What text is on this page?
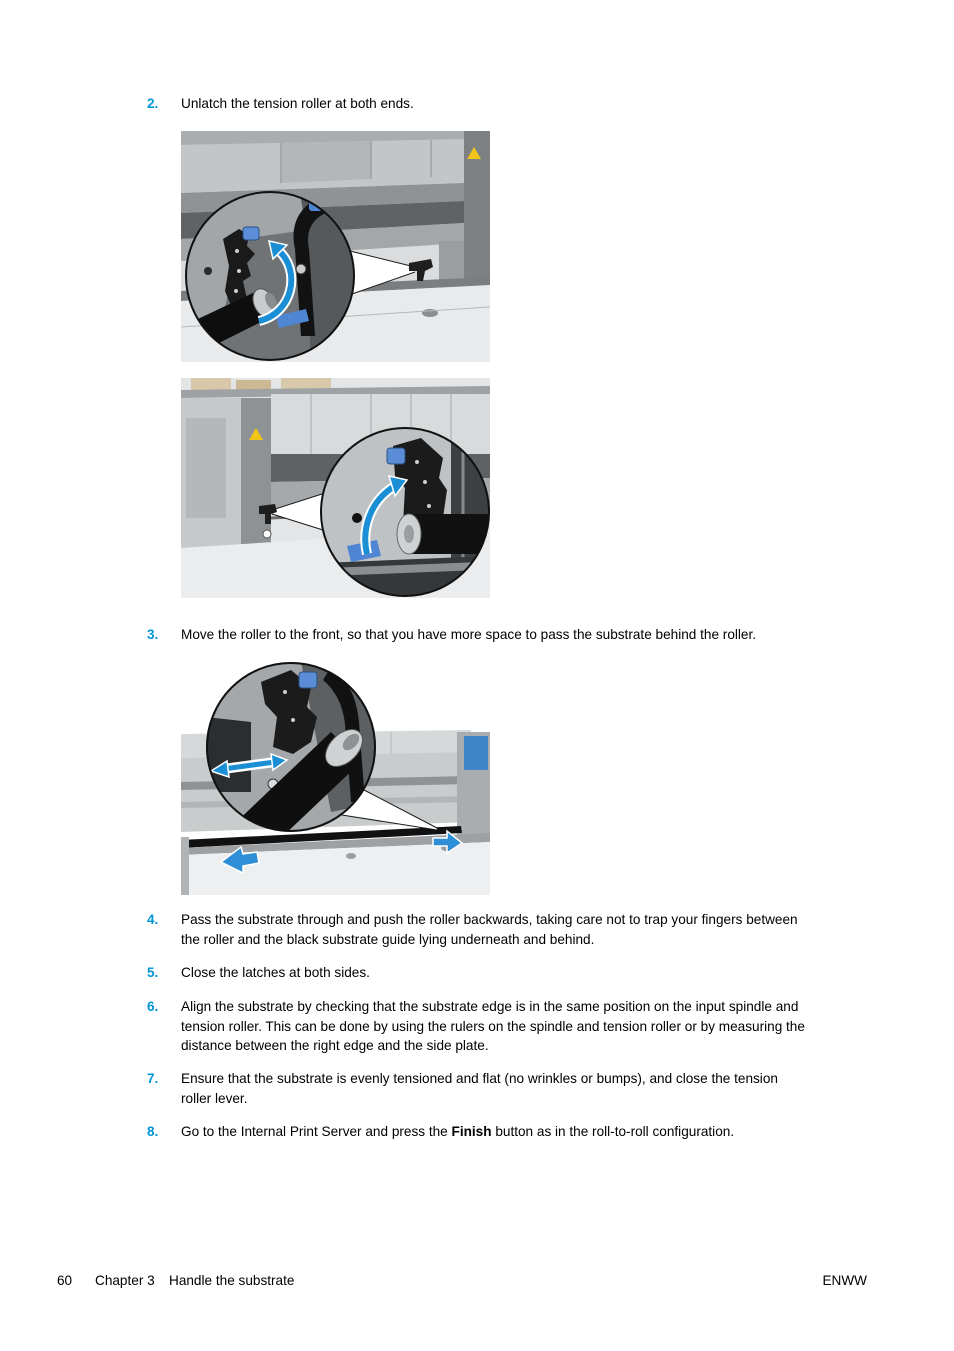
2. Unlatch the tension roller at both ends.
3. Move the roller to the front, so that you have more space to pass the substrate behind the roller.
4. Pass the substrate through and push the roller backwards, taking care not to trap your fingers between
the roller and the black substrate guide lying underneath and behind.
5. Close the latches at both sides.
6. Align the substrate by checking that the substrate edge is in the same position on the input spindle and
tension roller. This can be done by using the rulers on the spindle and tension roller or by measuring the
distance between the right edge and the side plate.
7. Ensure that the substrate is evenly tensioned and flat (no wrinkles or bumps), and close the tension
roller lever.
8. Go to the Internal Print Server and press the Finish button as in the roll-to-roll configuration.
60 Chapter 3 Handle the substrate	ENWW
